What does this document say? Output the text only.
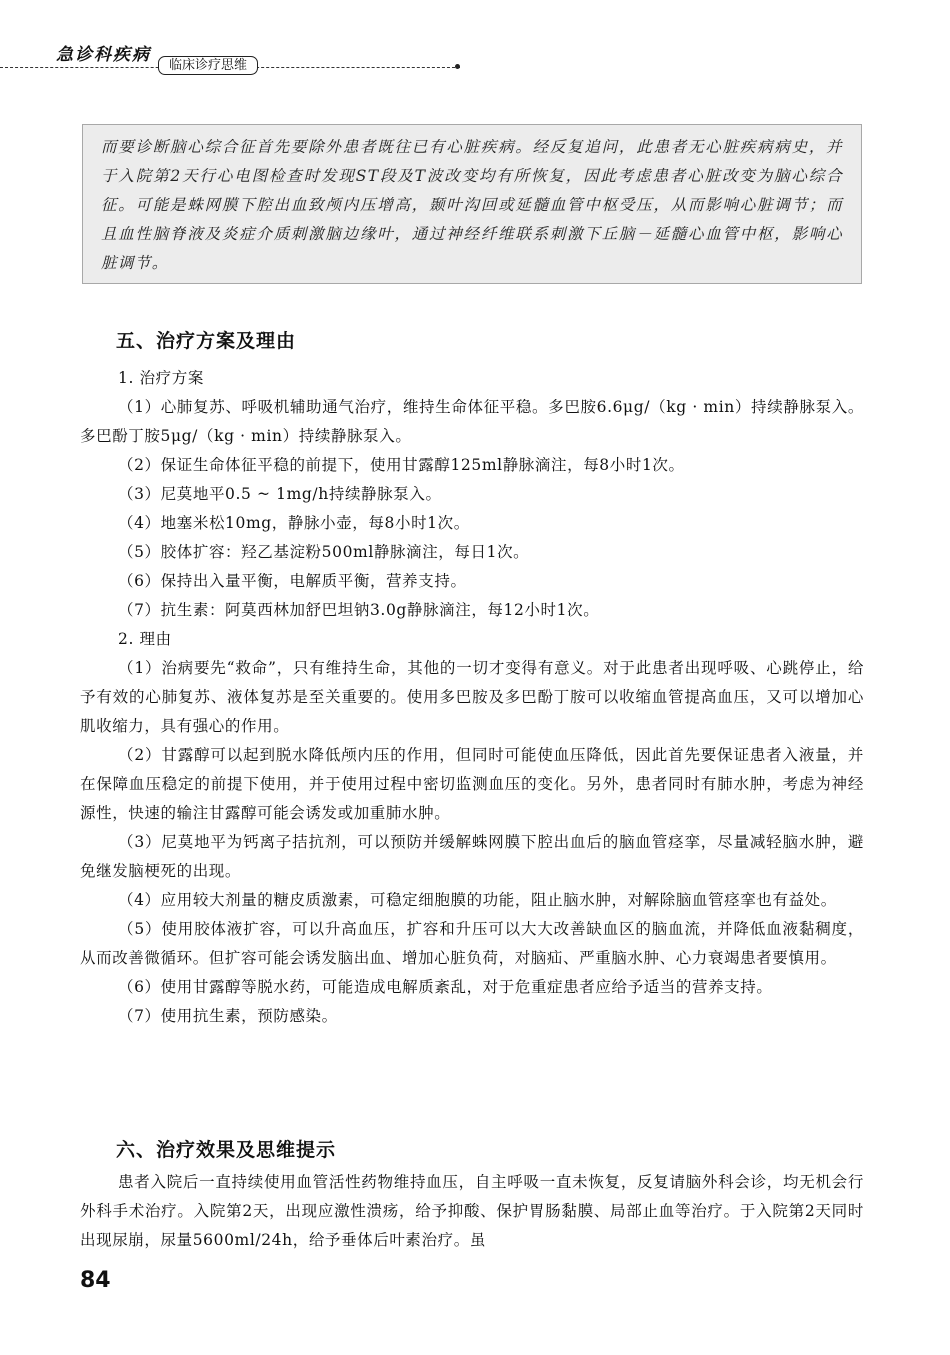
急诊科疾病
临床诊疗思维

而要诊断脑心综合征首先要除外患者既往已有心脏疾病。经反复追问，此患者无心脏疾病病史，并于入院第2天行心电图检查时发现ST段及T波改变均有所恢复，因此考虑患者心脏改变为脑心综合征。可能是蛛网膜下腔出血致颅内压增高，颞叶沟回或延髓血管中枢受压，从而影响心脏调节；而且血性脑脊液及炎症介质刺激脑边缘叶，通过神经纤维联系刺激下丘脑－延髓心血管中枢，影响心脏调节。

五、治疗方案及理由

1. 治疗方案

（1）心肺复苏、呼吸机辅助通气治疗，维持生命体征平稳。多巴胺6.6μg/（kg · min）持续静脉泵入。多巴酚丁胺5μg/（kg · min）持续静脉泵入。

（2）保证生命体征平稳的前提下，使用甘露醇125ml静脉滴注，每8小时1次。

（3）尼莫地平0.5 ~ 1mg/h持续静脉泵入。

（4）地塞米松10mg，静脉小壶，每8小时1次。

（5）胶体扩容：羟乙基淀粉500ml静脉滴注，每日1次。

（6）保持出入量平衡，电解质平衡，营养支持。

（7）抗生素：阿莫西林加舒巴坦钠3.0g静脉滴注，每12小时1次。

2. 理由

（1）治病要先“救命”，只有维持生命，其他的一切才变得有意义。对于此患者出现呼吸、心跳停止，给予有效的心肺复苏、液体复苏是至关重要的。使用多巴胺及多巴酚丁胺可以收缩血管提高血压，又可以增加心肌收缩力，具有强心的作用。

（2）甘露醇可以起到脱水降低颅内压的作用，但同时可能使血压降低，因此首先要保证患者入液量，并在保障血压稳定的前提下使用，并于使用过程中密切监测血压的变化。另外，患者同时有肺水肿，考虑为神经源性，快速的输注甘露醇可能会诱发或加重肺水肿。

（3）尼莫地平为钙离子拮抗剂，可以预防并缓解蛛网膜下腔出血后的脑血管痉挛，尽量减轻脑水肿，避免继发脑梗死的出现。

（4）应用较大剂量的糖皮质激素，可稳定细胞膜的功能，阻止脑水肿，对解除脑血管痉挛也有益处。

（5）使用胶体液扩容，可以升高血压，扩容和升压可以大大改善缺血区的脑血流，并降低血液黏稠度，从而改善微循环。但扩容可能会诱发脑出血、增加心脏负荷，对脑疝、严重脑水肿、心力衰竭患者要慎用。

（6）使用甘露醇等脱水药，可能造成电解质紊乱，对于危重症患者应给予适当的营养支持。

（7）使用抗生素，预防感染。

六、治疗效果及思维提示

患者入院后一直持续使用血管活性药物维持血压，自主呼吸一直未恢复，反复请脑外科会诊，均无机会行外科手术治疗。入院第2天，出现应激性溃疡，给予抑酸、保护胃肠黏膜、局部止血等治疗。于入院第2天同时出现尿崩，尿量5600ml/24h，给予垂体后叶素治疗。虽

84
